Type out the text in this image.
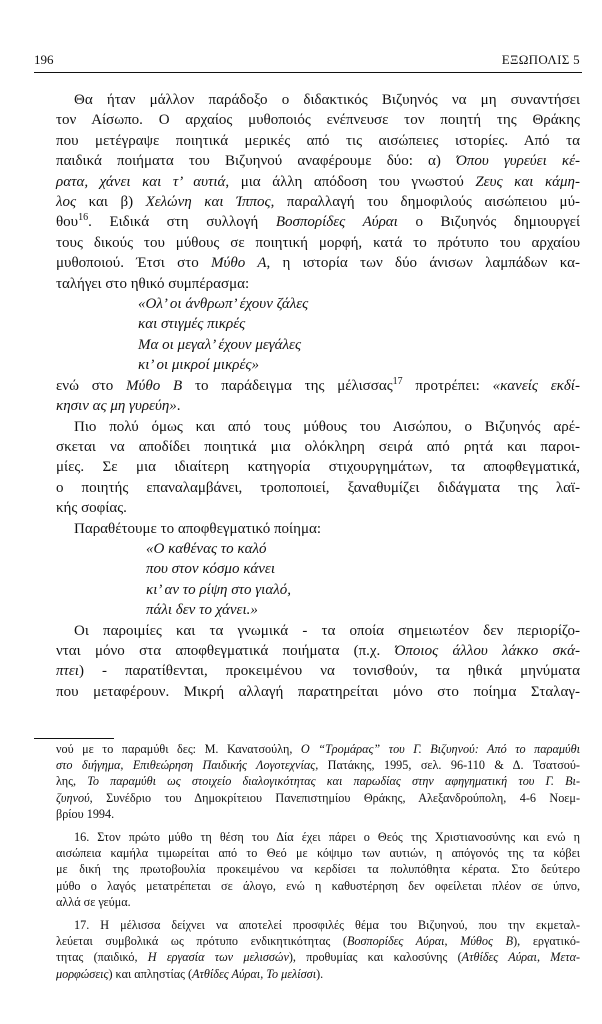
196	ΕΞΩΠΟΛΙΣ 5
Θα ήταν μάλλον παράδοξο ο διδακτικός Βιζυηνός να μη συναντήσει
τον Αίσωπο. Ο αρχαίος μυθοποιός ενέπνευσε τον ποιητή της Θράκης
που μετέγραψε ποιητικά μερικές από τις αισώπειες ιστορίες. Από τα
παιδικά ποιήματα του Βιζυηνού αναφέρουμε δύο: α) Όπου γυρεύει κέ-
ρατα, χάνει και τ’ αυτιά, μια άλλη απόδοση του γνωστού Ζευς και κάμη-
λος και β) Χελώνη και Ίππος, παραλλαγή του δημοφιλούς αισώπειου μύ-
θου$^{16}$. Ειδικά στη συλλογή Βοσπορίδες Αύραι ο Βιζυηνός δημιουργεί
τους δικούς του μύθους σε ποιητική μορφή, κατά το πρότυπο του αρχαίου
μυθοποιού. Έτσι στο Μύθο Α, η ιστορία των δύο άνισων λαμπάδων κα-
ταλήγει στο ηθικό συμπέρασμα:
«Ολ’ οι άνθρωπ’ έχουν ζάλες
και στιγμές πικρές
Μα οι μεγαλ’ έχουν μεγάλες
κι’ οι μικροί μικρές»
ενώ στο Μύθο Β το παράδειγμα της μέλισσας$^{17}$ προτρέπει: «κανείς εκδί-
κησιν ας μη γυρεύη».
Πιο πολύ όμως και από τους μύθους του Αισώπου, ο Βιζυηνός αρέ-
σκεται να αποδίδει ποιητικά μια ολόκληρη σειρά από ρητά και παροι-
μίες. Σε μια ιδιαίτερη κατηγορία στιχουργημάτων, τα αποφθεγματικά,
ο ποιητής επαναλαμβάνει, τροποποιεί, ξαναθυμίζει διδάγματα της λαϊ-
κής σοφίας.
Παραθέτουμε το αποφθεγματικό ποίημα:
«Ο καθένας το καλό
που στον κόσμο κάνει
κι’ αν το ρίψη στο γιαλό,
πάλι δεν το χάνει.»
Οι παροιμίες και τα γνωμικά - τα οποία σημειωτέον δεν περιορίζο-
νται μόνο στα αποφθεγματικά ποιήματα (π.χ. Όποιος άλλου λάκκο σκά-
πτει) - παρατίθενται, προκειμένου να τονισθούν, τα ηθικά μηνύματα
που μεταφέρουν. Μικρή αλλαγή παρατηρείται μόνο στο ποίημα Σταλαγ-
νού με το παραμύθι δες: Μ. Κανατσούλη, Ο “Τρομάρας” του Γ. Βιζυηνού: Από το παραμύθι
στο διήγημα, Επιθεώρηση Παιδικής Λογοτεχνίας, Πατάκης, 1995, σελ. 96-110 & Δ. Τσατσού-
λης, Το παραμύθι ως στοιχείο διαλογικότητας και παρωδίας στην αφηγηματική του Γ. Βι-
ζυηνού, Συνέδριο του Δημοκρίτειου Πανεπιστημίου Θράκης, Αλεξανδρούπολη, 4-6 Νοεμ-
βρίου 1994.
16. Στον πρώτο μύθο τη θέση του Δία έχει πάρει ο Θεός της Χριστιανοσύνης και ενώ η
αισώπεια καμήλα τιμωρείται από το Θεό με κόψιμο των αυτιών, η απόγονός της τα κόβει
με δική της πρωτοβουλία προκειμένου να κερδίσει τα πολυπόθητα κέρατα. Στο δεύτερο
μύθο ο λαγός μετατρέπεται σε άλογο, ενώ η καθυστέρηση δεν οφείλεται πλέον σε ύπνο,
αλλά σε γεύμα.
17. Η μέλισσα δείχνει να αποτελεί προσφιλές θέμα του Βιζυηνού, που την εκμεταλ-
λεύεται συμβολικά ως πρότυπο ενδικητικότητας (Βοσπορίδες Αύραι, Μύθος Β), εργατικό-
τητας (παιδικό, Η εργασία των μελισσών), προθυμίας και καλοσύνης (Ατθίδες Αύραι, Μετα-
μορφώσεις) και απληστίας (Ατθίδες Αύραι, Το μελίσσι).
